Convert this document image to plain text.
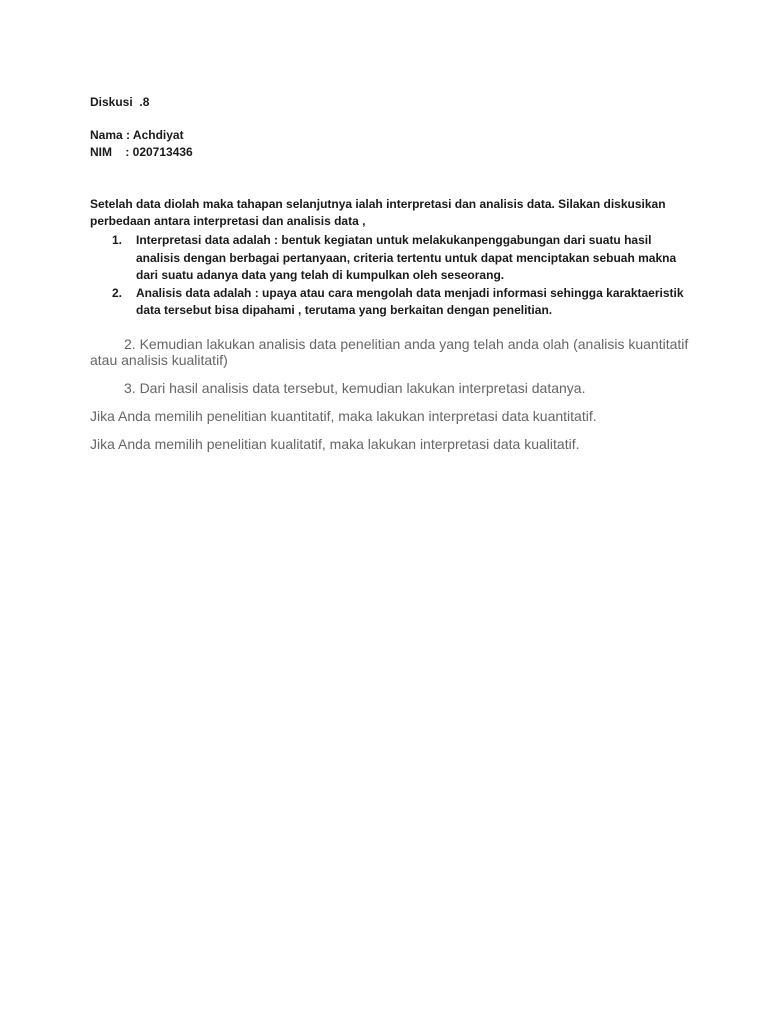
Diskusi  .8
Nama : Achdiyat
NIM    : 020713436
Setelah data diolah maka tahapan selanjutnya ialah interpretasi dan analisis data. Silakan diskusikan perbedaan antara interpretasi dan analisis data ,
1. Interpretasi data adalah : bentuk kegiatan untuk melakukanpenggabungan dari suatu hasil analisis dengan berbagai pertanyaan, criteria tertentu untuk dapat menciptakan sebuah makna dari suatu adanya data yang telah di kumpulkan oleh seseorang.
2. Analisis data adalah : upaya atau cara mengolah data menjadi informasi sehingga karaktaeristik data tersebut bisa dipahami , terutama yang berkaitan dengan penelitian.
2. Kemudian lakukan analisis data penelitian anda yang telah anda olah (analisis kuantitatif atau analisis kualitatif)
3. Dari hasil analisis data tersebut, kemudian lakukan interpretasi datanya.
Jika Anda memilih penelitian kuantitatif, maka lakukan interpretasi data kuantitatif.
Jika Anda memilih penelitian kualitatif, maka lakukan interpretasi data kualitatif.
